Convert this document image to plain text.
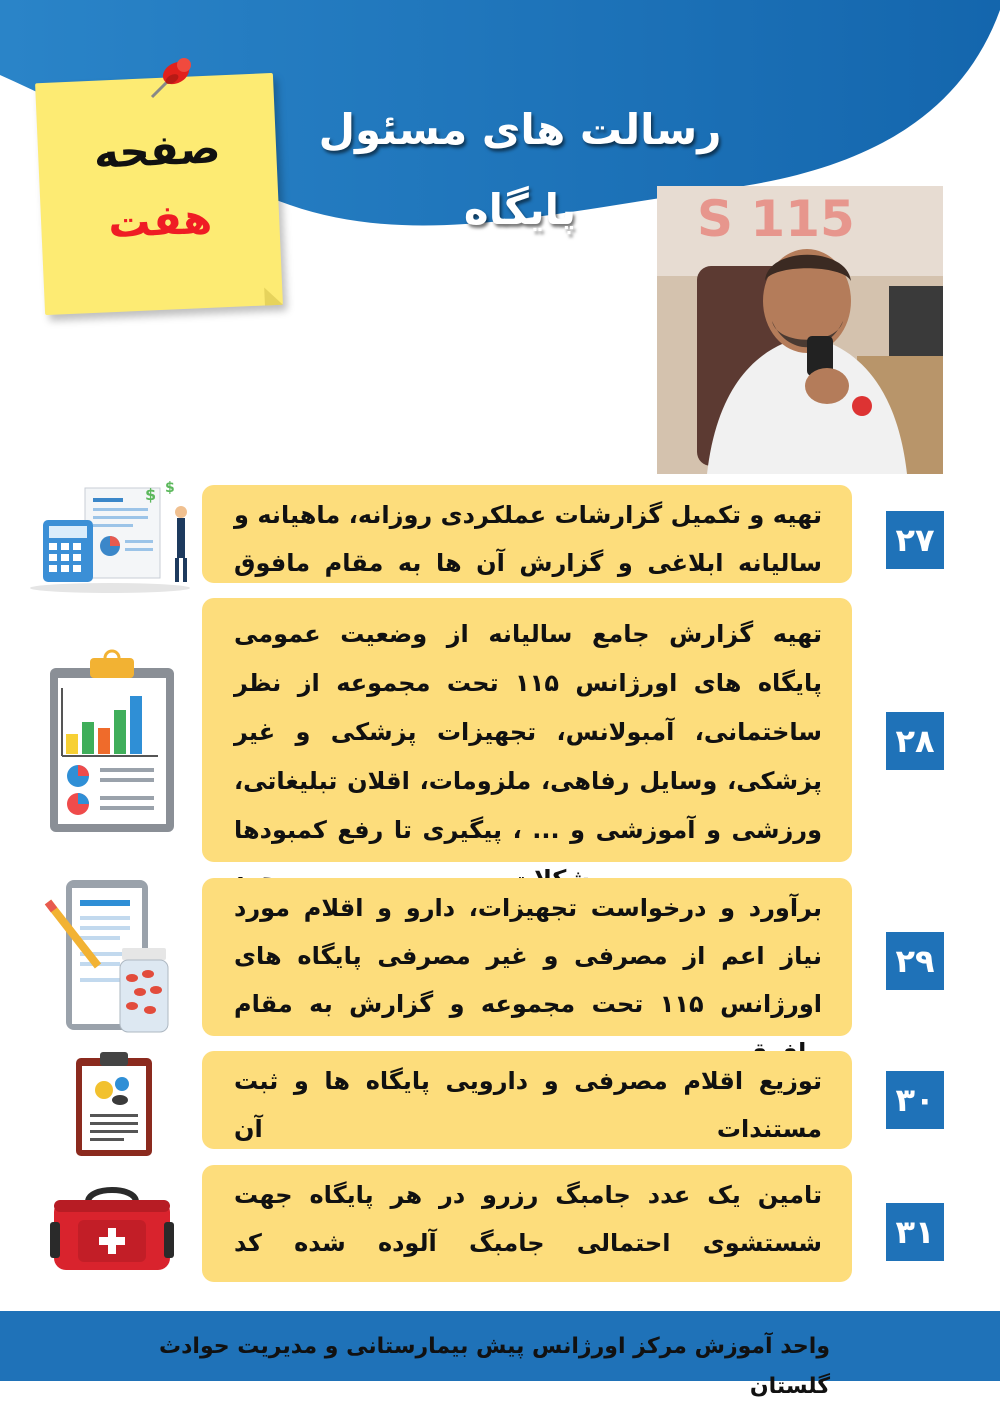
رسالت های مسئول پایگاه
صفحه
هفت	S 115
تهیه و تکمیل گزارشات عملکردی روزانه، ماهیانه و سالیانه ابلاغی و گزارش آن ها به مقام مافوق
۲۷
تهیه گزارش جامع سالیانه از وضعیت عمومی پایگاه های اورژانس ۱۱۵ تحت مجموعه از نظر ساختمانی، آمبولانس، تجهیزات پزشکی و غیر پزشکی، وسایل رفاهی، ملزومات، اقلان تبلیغاتی، ورزشی و آموزشی و ... ، پیگیری تا رفع کمبودها
۲۸
برآورد و درخواست تجهیزات، دارو و اقلام مورد نیاز اعم از مصرفی و غیر مصرفی پایگاه های اورژانس ۱۱۵ تحت مجموعه و گزارش به مقام
۲۹
توزیع اقلام مصرفی و دارویی پایگاه ها و ثبت مستندات آن
۳۰
تامین یک عدد جامبگ رزرو در هر پایگاه جهت شستشوی احتمالی جامبگ آلوده شده کد	۳۱
$ $
واحد آموزش مرکز اورژانس پیش بیمارستانی و مدیریت حوادث گلستان
